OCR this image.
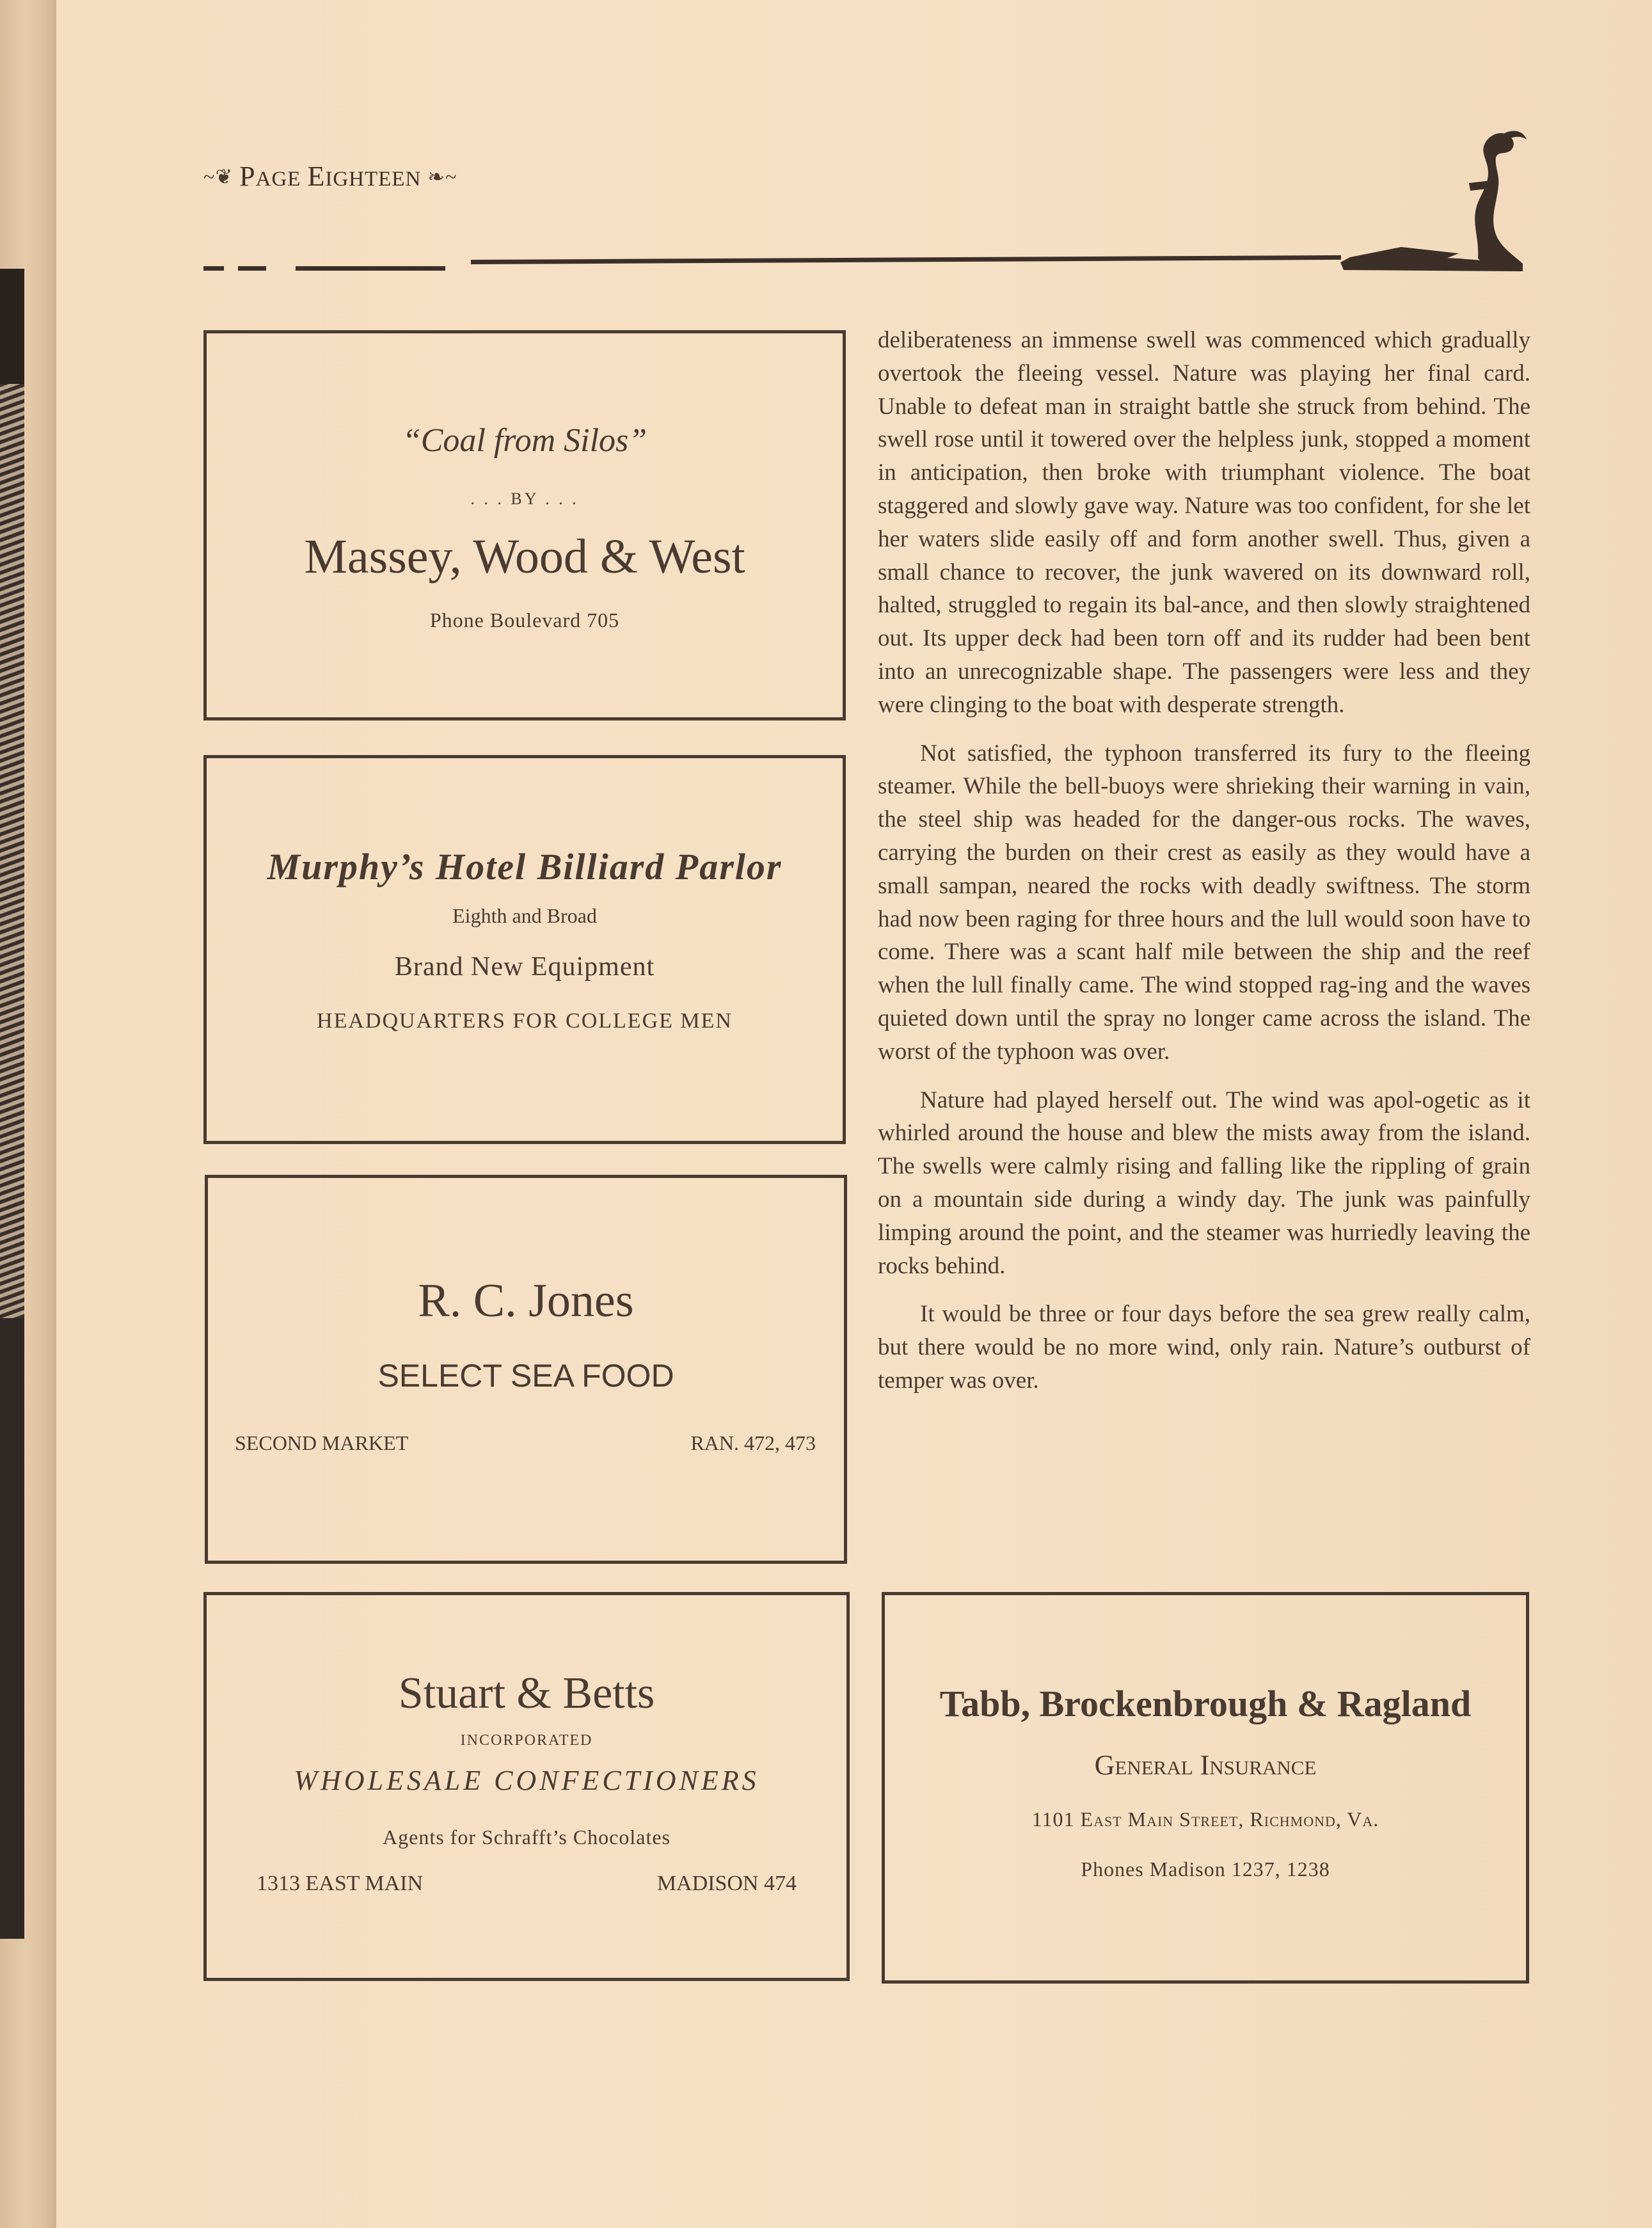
~❦ PAGE EIGHTEEN ❧~
“Coal from Silos”
. . . BY . . .
Massey, Wood & West
Phone Boulevard 705
Murphy’s Hotel Billiard Parlor
Eighth and Broad
Brand New Equipment
HEADQUARTERS FOR COLLEGE MEN
R. C. Jones
SELECT SEA FOOD
SECOND MARKET	RAN. 472, 473
Stuart & Betts
INCORPORATED
WHOLESALE CONFECTIONERS
Agents for Schrafft’s Chocolates
1313 EAST MAIN	MADISON 474
Tabb, Brockenbrough & Ragland
General Insurance
1101 East Main Street, Richmond, Va.
Phones Madison 1237, 1238

deliberateness an immense swell was commenced which gradually overtook the fleeing vessel. Nature was playing her final card. Unable to defeat man in straight battle she struck from behind. The swell rose until it towered over the helpless junk, stopped a moment in anticipation, then broke with triumphant violence. The boat staggered and slowly gave way. Nature was too confident, for she let her waters slide easily off and form another swell. Thus, given a small chance to recover, the junk wavered on its downward roll, halted, struggled to regain its bal-ance, and then slowly straightened out. Its upper deck had been torn off and its rudder had been bent into an unrecognizable shape. The passengers were less and they were clinging to the boat with desperate strength.

Not satisfied, the typhoon transferred its fury to the fleeing steamer. While the bell-buoys were shrieking their warning in vain, the steel ship was headed for the danger-ous rocks. The waves, carrying the burden on their crest as easily as they would have a small sampan, neared the rocks with deadly swiftness. The storm had now been raging for three hours and the lull would soon have to come. There was a scant half mile between the ship and the reef when the lull finally came. The wind stopped rag-ing and the waves quieted down until the spray no longer came across the island. The worst of the typhoon was over.

Nature had played herself out. The wind was apol-ogetic as it whirled around the house and blew the mists away from the island. The swells were calmly rising and falling like the rippling of grain on a mountain side during a windy day. The junk was painfully limping around the point, and the steamer was hurriedly leaving the rocks behind.

It would be three or four days before the sea grew really calm, but there would be no more wind, only rain. Nature’s outburst of temper was over.
